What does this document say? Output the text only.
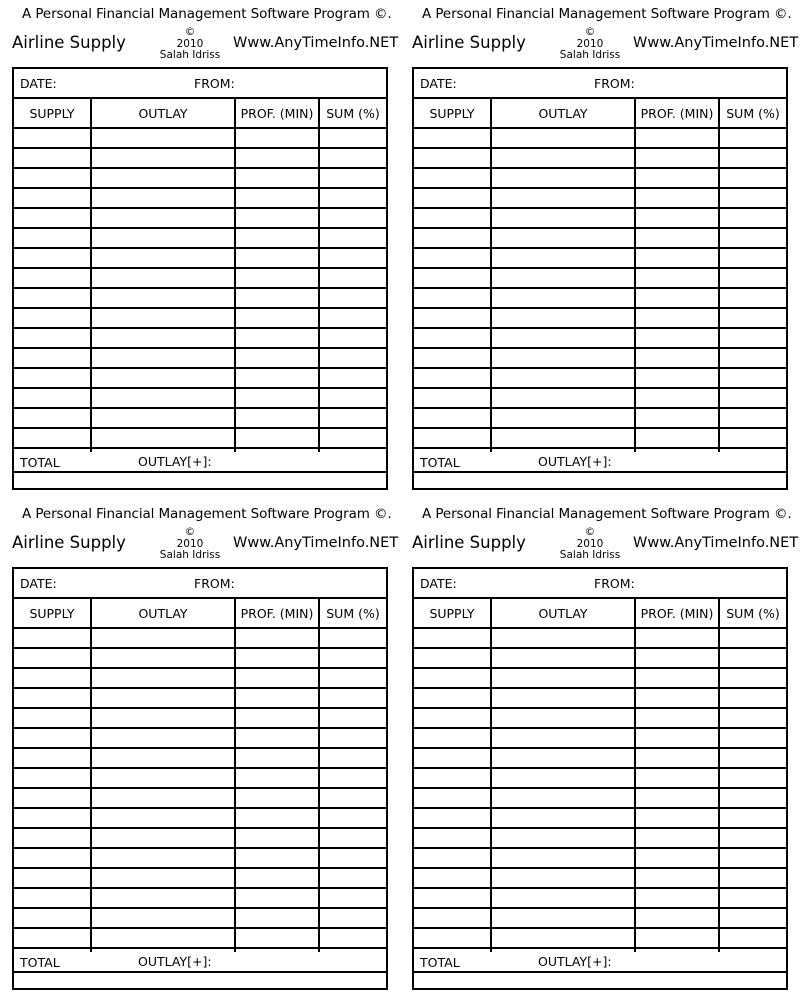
A Personal Financial Management Software Program ©.
Airline Supply
©
2010
Salah Idriss
Www.AnyTimeInfo.NET
DATE:	FROM:
SUPPLY	OUTLAY	PROF. (MIN)	SUM (%)
TOTAL	OUTLAY[+]:
A Personal Financial Management Software Program ©.
Airline Supply
©
2010
Salah Idriss
Www.AnyTimeInfo.NET
DATE:	FROM:
SUPPLY	OUTLAY	PROF. (MIN)	SUM (%)
TOTAL	OUTLAY[+]:
A Personal Financial Management Software Program ©.
Airline Supply
©
2010
Salah Idriss
Www.AnyTimeInfo.NET
DATE:	FROM:
SUPPLY	OUTLAY	PROF. (MIN)	SUM (%)
TOTAL	OUTLAY[+]:
A Personal Financial Management Software Program ©.
Airline Supply
©
2010
Salah Idriss
Www.AnyTimeInfo.NET
DATE:	FROM:
SUPPLY	OUTLAY	PROF. (MIN)	SUM (%)
TOTAL	OUTLAY[+]:
